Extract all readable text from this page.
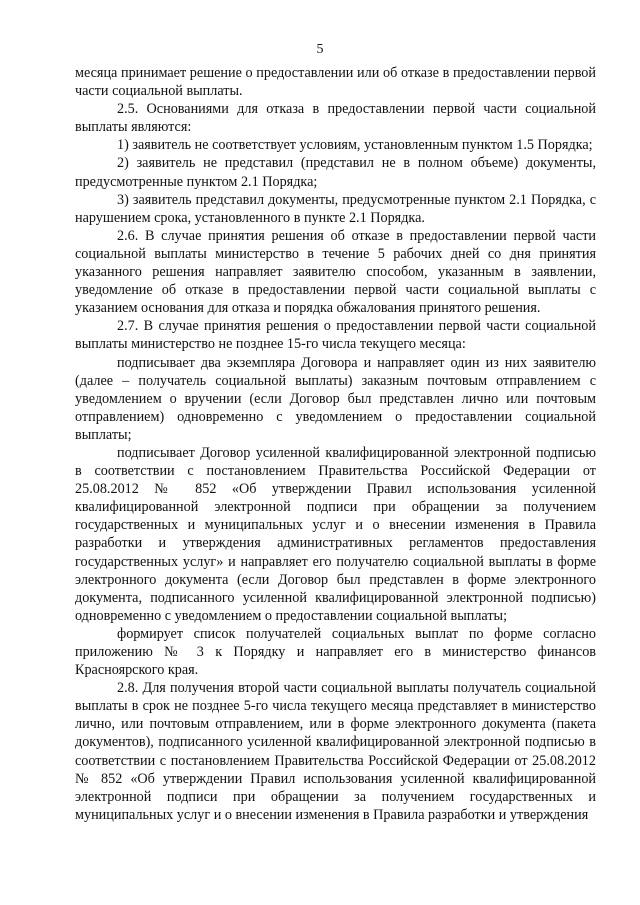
5

месяца принимает решение о предоставлении или об отказе в предоставлении первой части социальной выплаты.

2.5. Основаниями для отказа в предоставлении первой части социальной выплаты являются:

1) заявитель не соответствует условиям, установленным пунктом 1.5 Порядка;

2) заявитель не представил (представил не в полном объеме) документы, предусмотренные пунктом 2.1 Порядка;

3) заявитель представил документы, предусмотренные пунктом 2.1 Порядка, с нарушением срока, установленного в пункте 2.1 Порядка.

2.6. В случае принятия решения об отказе в предоставлении первой части социальной выплаты министерство в течение 5 рабочих дней со дня принятия указанного решения направляет заявителю способом, указанным в заявлении, уведомление об отказе в предоставлении первой части социальной выплаты с указанием основания для отказа и порядка обжалования принятого решения.

2.7. В случае принятия решения о предоставлении первой части социальной выплаты министерство не позднее 15-го числа текущего месяца:

подписывает два экземпляра Договора и направляет один из них заявителю (далее – получатель социальной выплаты) заказным почтовым отправлением с уведомлением о вручении (если Договор был представлен лично или почтовым отправлением) одновременно с уведомлением о предоставлении социальной выплаты;

подписывает Договор усиленной квалифицированной электронной подписью в соответствии с постановлением Правительства Российской Федерации от 25.08.2012 № 852 «Об утверждении Правил использования усиленной квалифицированной электронной подписи при обращении за получением государственных и муниципальных услуг и о внесении изменения в Правила разработки и утверждения административных регламентов предоставления государственных услуг» и направляет его получателю социальной выплаты в форме электронного документа (если Договор был представлен в форме электронного документа, подписанного усиленной квалифицированной электронной подписью) одновременно с уведомлением о предоставлении социальной выплаты;

формирует список получателей социальных выплат по форме согласно приложению № 3 к Порядку и направляет его в министерство финансов Красноярского края.

2.8. Для получения второй части социальной выплаты получатель социальной выплаты в срок не позднее 5-го числа текущего месяца представляет в министерство лично, или почтовым отправлением, или в форме электронного документа (пакета документов), подписанного усиленной квалифицированной электронной подписью в соответствии с постановлением Правительства Российской Федерации от 25.08.2012 № 852 «Об утверждении Правил использования усиленной квалифицированной электронной подписи при обращении за получением государственных и муниципальных услуг и о внесении изменения в Правила разработки и утверждения
